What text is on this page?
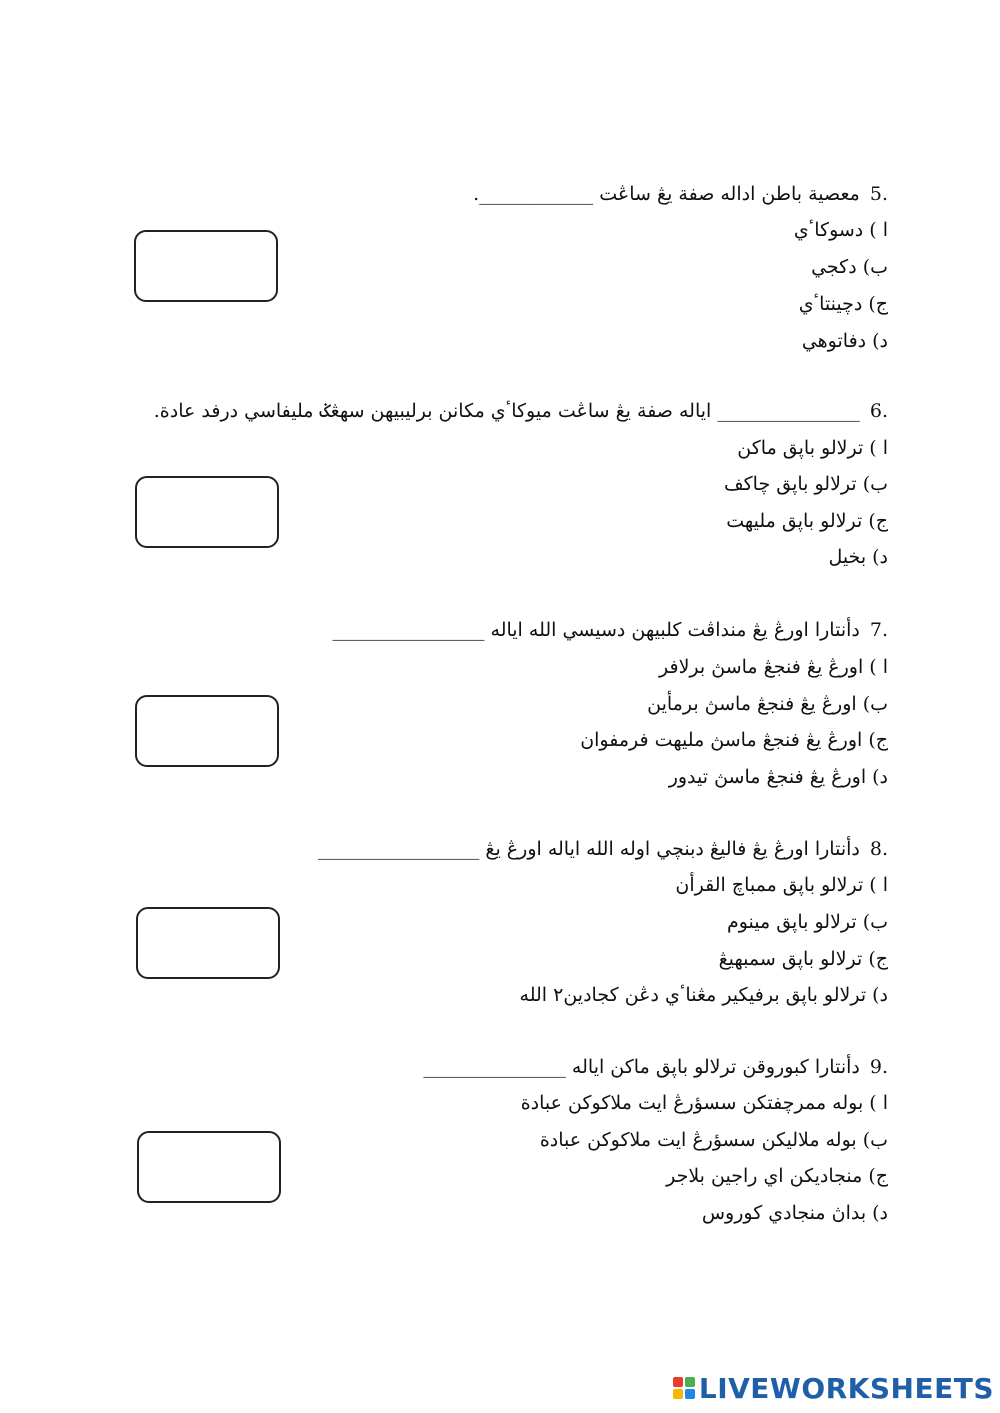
.5معصية باطن اداله صفة يڠ ساڠت ____________.
ا )دسوكاٴي
ب)دكجي
ج)دچينتاٴي
د)دفاتوهي
.6_______________ اياله صفة يڠ ساڠت ميوكاٴي مكانن برليبيهن سهڠݢ مليفاسي درفد عادة.
ا )ترلالو باڽق ماكن
ب)ترلالو باڽق چاكف
ج)ترلالو باڽق مليهت
د)بخيل
.7دأنتارا اورڠ يڠ منداڤت كلبيهن دسيسي الله اياله ________________
ا )اورڠ يڠ فنجڠ ماسڽ برلافر
ب)اورڠ يڠ فنجڠ ماسڽ برمأين
ج)اورڠ يڠ فنجڠ ماسڽ مليهت فرمفوان
د)اورڠ يڠ فنجڠ ماسڽ تيدور
.8دأنتارا اورڠ يڠ فاليڠ دبنچي اوله الله اياله اورڠ يڠ _________________
ا )ترلالو باڽق ممباچ القرأن
ب)ترلالو باڽق مينوم
ج)ترلالو باڽق سمبهيڠ
د)ترلالو باڽق برفيكير مڠناٴي دڠن كجادين٢ الله
.9دأنتارا كبوروقن ترلالو باڽق ماكن اياله _______________
ا )بوله ممرچفتكن سسؤرڠ ايت ملاكوكن عبادة
ب)بوله ملاليكن سسؤرڠ ايت ملاكوكن عبادة
ج)منجاديكن اي راجين بلاجر
د)بداڽ منجادي كوروس
LIVEWORKSHEETS
